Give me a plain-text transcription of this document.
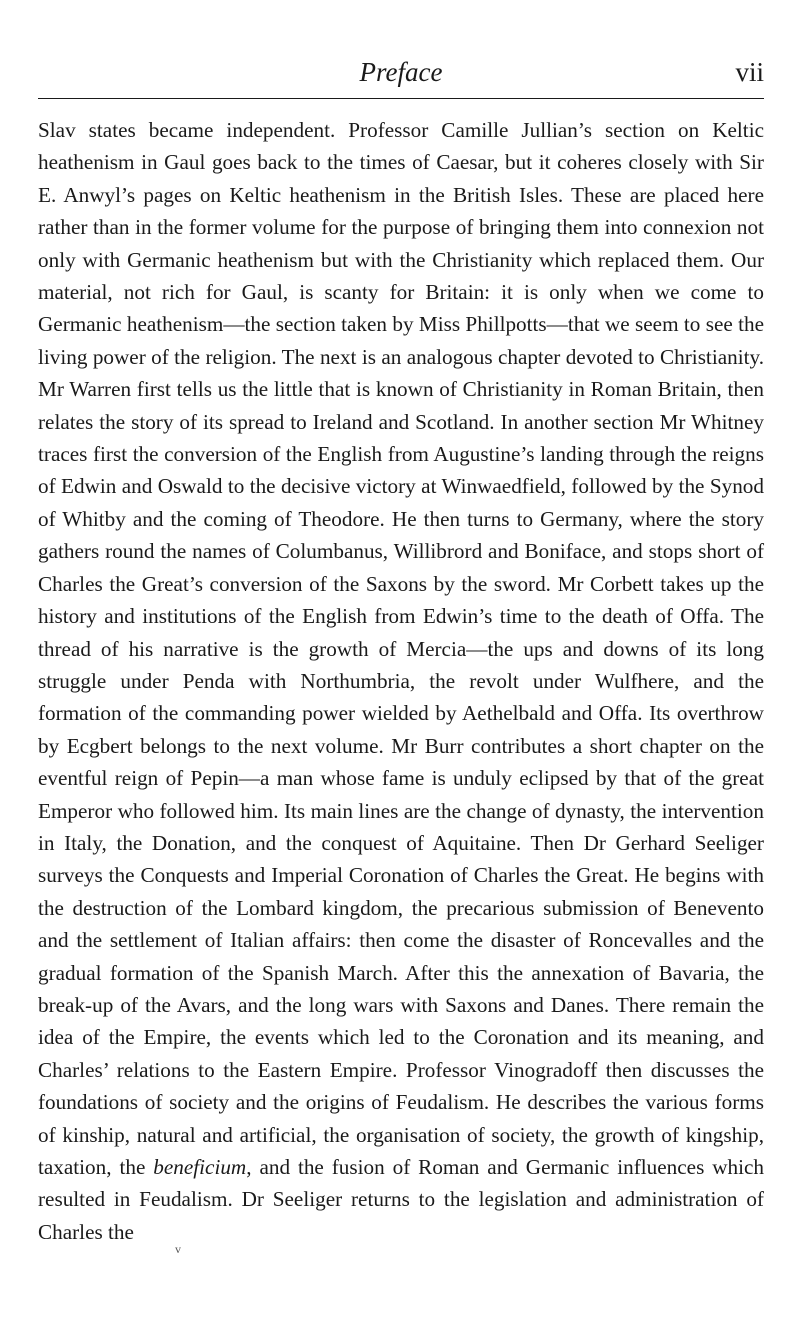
Preface	vii

Slav states became independent. Professor Camille Jullian’s section on Keltic heathenism in Gaul goes back to the times of Caesar, but it coheres closely with Sir E. Anwyl’s pages on Keltic heathenism in the British Isles. These are placed here rather than in the former volume for the purpose of bringing them into connexion not only with Germanic heathenism but with the Christianity which replaced them. Our material, not rich for Gaul, is scanty for Britain: it is only when we come to Germanic heathenism—the section taken by Miss Phillpotts—that we seem to see the living power of the religion. The next is an analogous chapter devoted to Christianity. Mr Warren first tells us the little that is known of Christianity in Roman Britain, then relates the story of its spread to Ireland and Scotland. In another section Mr Whitney traces first the conversion of the English from Augustine’s landing through the reigns of Edwin and Oswald to the decisive victory at Winwaedfield, followed by the Synod of Whitby and the coming of Theodore. He then turns to Germany, where the story gathers round the names of Columbanus, Willibrord and Boniface, and stops short of Charles the Great’s conversion of the Saxons by the sword. Mr Corbett takes up the history and institutions of the English from Edwin’s time to the death of Offa. The thread of his narrative is the growth of Mercia—the ups and downs of its long struggle under Penda with Northumbria, the revolt under Wulfhere, and the formation of the commanding power wielded by Aethelbald and Offa. Its overthrow by Ecgbert belongs to the next volume. Mr Burr contributes a short chapter on the eventful reign of Pepin—a man whose fame is unduly eclipsed by that of the great Emperor who followed him. Its main lines are the change of dynasty, the intervention in Italy, the Donation, and the conquest of Aquitaine. Then Dr Gerhard Seeliger surveys the Conquests and Imperial Coronation of Charles the Great. He begins with the destruction of the Lombard kingdom, the precarious submission of Benevento and the settlement of Italian affairs: then come the disaster of Roncevalles and the gradual formation of the Spanish March. After this the annexation of Bavaria, the break-up of the Avars, and the long wars with Saxons and Danes. There remain the idea of the Empire, the events which led to the Coronation and its meaning, and Charles’ relations to the Eastern Empire. Professor Vinogradoff then discusses the foundations of society and the origins of Feudalism. He describes the various forms of kinship, natural and artificial, the organisation of society, the growth of kingship, taxation, the beneficium, and the fusion of Roman and Germanic influences which resulted in Feudalism. Dr Seeliger returns to the legislation and administration of Charles the

v
